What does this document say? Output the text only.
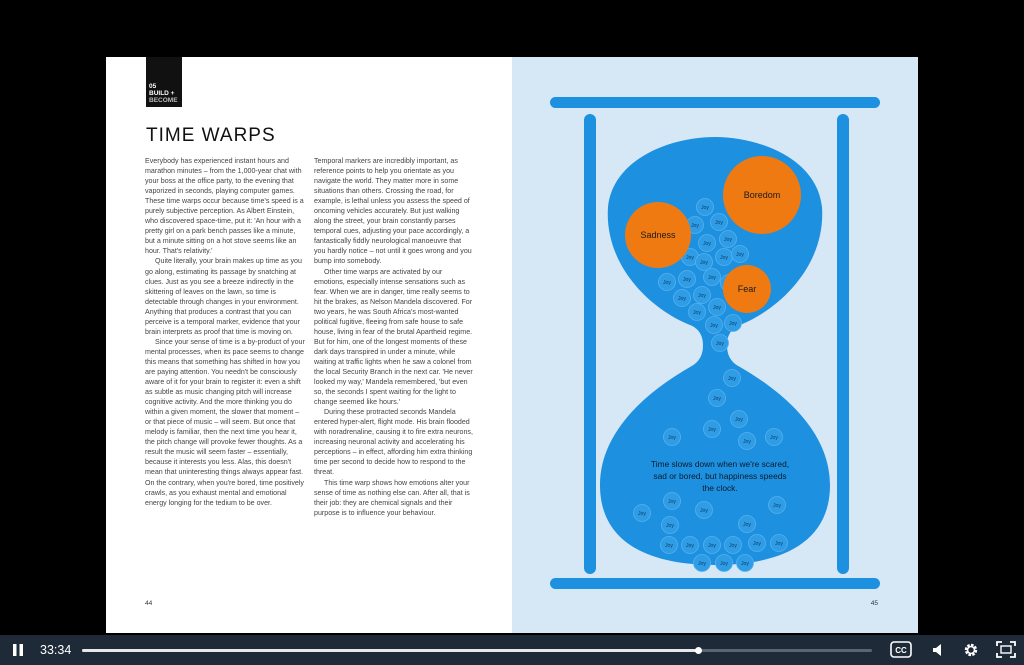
05
BUILD +
BECOME
TIME WARPS

Everybody has experienced instant hours and marathon minutes – from the 1,000-year chat with your boss at the office party, to the evening that vaporized in seconds, playing computer games. These time warps occur because time's speed is a purely subjective perception. As Albert Einstein, who discovered space-time, put it: 'An hour with a pretty girl on a park bench passes like a minute, but a minute sitting on a hot stove seems like an hour. That's relativity.'

Quite literally, your brain makes up time as you go along, estimating its passage by snatching at clues. Just as you see a breeze indirectly in the skittering of leaves on the lawn, so time is detectable through changes in your environment. Anything that produces a contrast that you can perceive is a temporal marker, evidence that your brain interprets as proof that time is moving on.

Since your sense of time is a by-product of your mental processes, when its pace seems to change this means that something has shifted in how you are paying attention. You needn't be consciously aware of it for your brain to register it: even a shift as subtle as music changing pitch will increase cognitive activity. And the more thinking you do within a given moment, the slower that moment – or that piece of music – will seem. But once that melody is familiar, then the next time you hear it, the pitch change will provoke fewer thoughts. As a result the music will seem faster – essentially, because it interests you less. Alas, this doesn't mean that uninteresting things always appear fast. On the contrary, when you're bored, time positively crawls, as you exhaust mental and emotional energy longing for the tedium to be over.

Temporal markers are incredibly important, as reference points to help you orientate as you navigate the world. They matter more in some situations than others. Crossing the road, for example, is lethal unless you assess the speed of oncoming vehicles accurately. But just walking along the street, your brain constantly parses temporal cues, adjusting your pace accordingly, a fantastically fiddly neurological manoeuvre that you hardly notice – not until it goes wrong and you bump into somebody.

Other time warps are activated by our emotions, especially intense sensations such as fear. When we are in danger, time really seems to hit the brakes, as Nelson Mandela discovered. For two years, he was South Africa's most-wanted political fugitive, fleeing from safe house to safe house, living in fear of the brutal Apartheid regime. But for him, one of the longest moments of these dark days transpired in under a minute, while waiting at traffic lights when he saw a colonel from the local Security Branch in the next car. 'He never looked my way,' Mandela remembered, 'but even so, the seconds I spent waiting for the light to change seemed like hours.'

During these protracted seconds Mandela entered hyper-alert, flight mode. His brain flooded with noradrenaline, causing it to fire extra neurons, increasing neuronal activity and accelerating his perceptions – in effect, affording him extra thinking time per second to decide how to respond to the threat.

This time warp shows how emotions alter your sense of time as nothing else can. After all, that is their job: they are chemical signals and their purpose is to influence your behaviour.

44
Joy
Joy	Joy
Joy
Joy
Joy
Joy
Joy Joy
Joy Joy	Joy
Joy Joy
Joy
Joy
Joy Joy
Joy
Joy
Joy
Joy
Joy
Joy
Joy
Joy
Joy
Joy	Joy
Joy	Joy
Joy
Joy Joy	Joy Joy	Joy	Joy
Joy	Joy Joy
Boredom
Sadness
Fear
Time slows down when we're scared,
sad or bored, but happiness speeds
the clock.
45
33:34	CC
